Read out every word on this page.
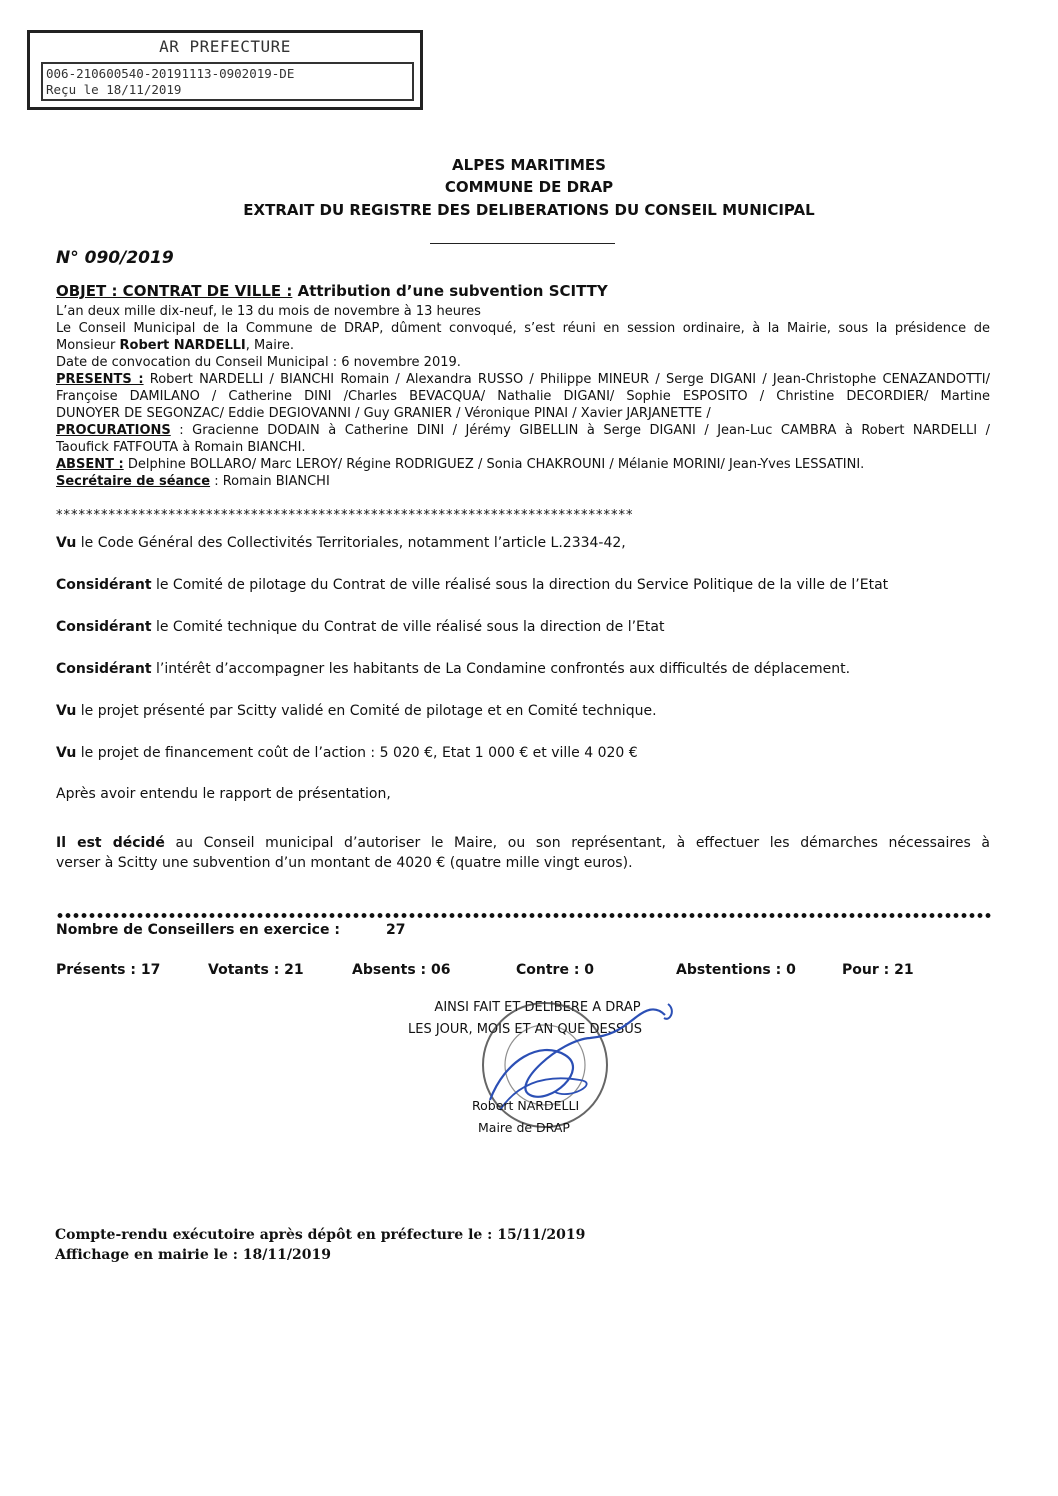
AR PREFECTURE
006-210600540-20191113-0902019-DE
Reçu le 18/11/2019
ALPES MARITIMES
COMMUNE DE DRAP
EXTRAIT DU REGISTRE DES DELIBERATIONS DU CONSEIL MUNICIPAL
N° 090/2019
OBJET : CONTRAT DE VILLE : Attribution d’une subvention SCITTY
L’an deux mille dix-neuf, le 13 du mois de novembre à 13 heures
Le Conseil Municipal de la Commune de DRAP, dûment convoqué, s’est réuni en session ordinaire, à la Mairie, sous la présidence de
Monsieur Robert NARDELLI, Maire.
Date de convocation du Conseil Municipal : 6 novembre 2019.
PRESENTS : Robert NARDELLI / BIANCHI Romain / Alexandra RUSSO / Philippe MINEUR / Serge DIGANI / Jean-Christophe CENAZANDOTTI/
Françoise DAMILANO / Catherine DINI /Charles BEVACQUA/ Nathalie DIGANI/ Sophie ESPOSITO / Christine DECORDIER/ Martine
DUNOYER DE SEGONZAC/ Eddie DEGIOVANNI / Guy GRANIER / Véronique PINAI / Xavier JARJANETTE /
PROCURATIONS : Gracienne DODAIN à Catherine DINI / Jérémy GIBELLIN à Serge DIGANI / Jean-Luc CAMBRA à Robert NARDELLI /
Taoufick FATFOUTA à Romain BIANCHI.
ABSENT : Delphine BOLLARO/ Marc LEROY/ Régine RODRIGUEZ / Sonia CHAKROUNI / Mélanie MORINI/ Jean-Yves LESSATINI.
Secrétaire de séance : Romain BIANCHI
*****************************************************************************
Vu le Code Général des Collectivités Territoriales, notamment l’article L.2334-42,
Considérant le Comité de pilotage du Contrat de ville réalisé sous la direction du Service Politique de la ville de l’Etat
Considérant le Comité technique du Contrat de ville réalisé sous la direction de l’Etat
Considérant l’intérêt d’accompagner les habitants de La Condamine confrontés aux difficultés de déplacement.
Vu le projet présenté par Scitty validé en Comité de pilotage et en Comité technique.
Vu le projet de financement coût de l’action : 5 020 €, Etat 1 000 € et ville 4 020 €
Après avoir entendu le rapport de présentation,
Il est décidé au Conseil municipal d’autoriser le Maire, ou son représentant, à effectuer les démarches nécessaires à
verser à Scitty une subvention d’un montant de 4020 € (quatre mille vingt euros).
Nombre de Conseillers en exercice :	27
Présents : 17	Votants : 21	Absents : 06	Contre : 0	Abstentions : 0	Pour : 21
AINSI FAIT ET DELIBERE A DRAP
LES JOUR, MOIS ET AN QUE DESSUS
Robert NARDELLI
Maire de DRAP
Compte-rendu exécutoire après dépôt en préfecture le : 15/11/2019
Affichage en mairie le : 18/11/2019
